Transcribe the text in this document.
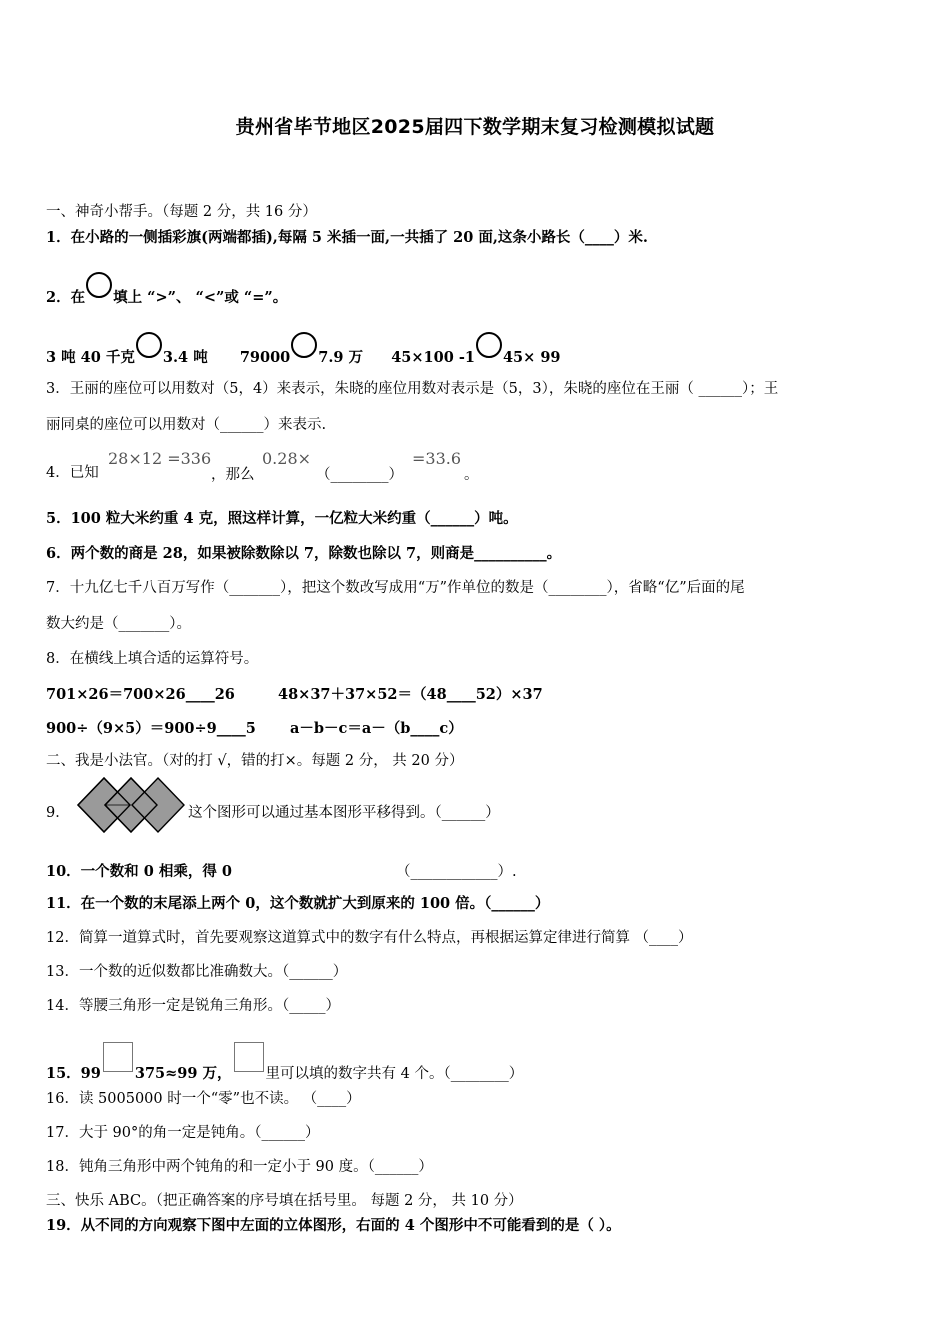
贵州省毕节地区2025届四下数学期末复习检测模拟试题
一、神奇小帮手。（每题 2 分，共 16 分）
1．在小路的一侧插彩旗(两端都插),每隔 5 米插一面,一共插了 20 面,这条小路长（____）米.
2．在 填上 “>”、 “<”或 “=”。
3 吨 40 千克 3.4 吨 79000 7.9 万 45×100 -1 45× 99
3．王丽的座位可以用数对（5，4）来表示，朱晓的座位用数对表示是（5，3），朱晓的座位在王丽（ ______）；王
丽同桌的座位可以用数对（______）来表示.
4．已知
28×12 =336
，那么
0.28×
（________）
=33.6
。
5．100 粒大米约重 4 克，照这样计算，一亿粒大米约重（______）吨。
6．两个数的商是 28，如果被除数除以 7，除数也除以 7，则商是__________。
7．十九亿七千八百万写作（_______），把这个数改写成用“万”作单位的数是（________），省略“亿”后面的尾
数大约是（_______）。
8．在横线上填合适的运算符号。
701×26＝700×26____26	48×37＋37×52＝（48____52）×37
900÷（9×5）＝900÷9____5 a－b－c＝a－（b____c）
二、我是小法官。（对的打 √，错的打×。每题 2 分， 共 20 分）
9．	这个图形可以通过基本图形平移得到。（______）
10．一个数和 0 相乘，得 0	（____________）.
11．在一个数的末尾添上两个 0，这个数就扩大到原来的 100 倍。（______）
12．简算一道算式时，首先要观察这道算式中的数字有什么特点，再根据运算定律进行简算 （____）
13．一个数的近似数都比准确数大。（______）
14．等腰三角形一定是锐角三角形。（_____）
15．99 375≈99 万， 里可以填的数字共有 4 个。（________）
16．读 5005000 时一个“零”也不读。 （____）
17．大于 90°的角一定是钝角。（______）
18．钝角三角形中两个钝角的和一定小于 90 度。（______）
三、快乐 ABC。（把正确答案的序号填在括号里。 每题 2 分， 共 10 分）
19．从不同的方向观察下图中左面的立体图形，右面的 4 个图形中不可能看到的是（ ）。
